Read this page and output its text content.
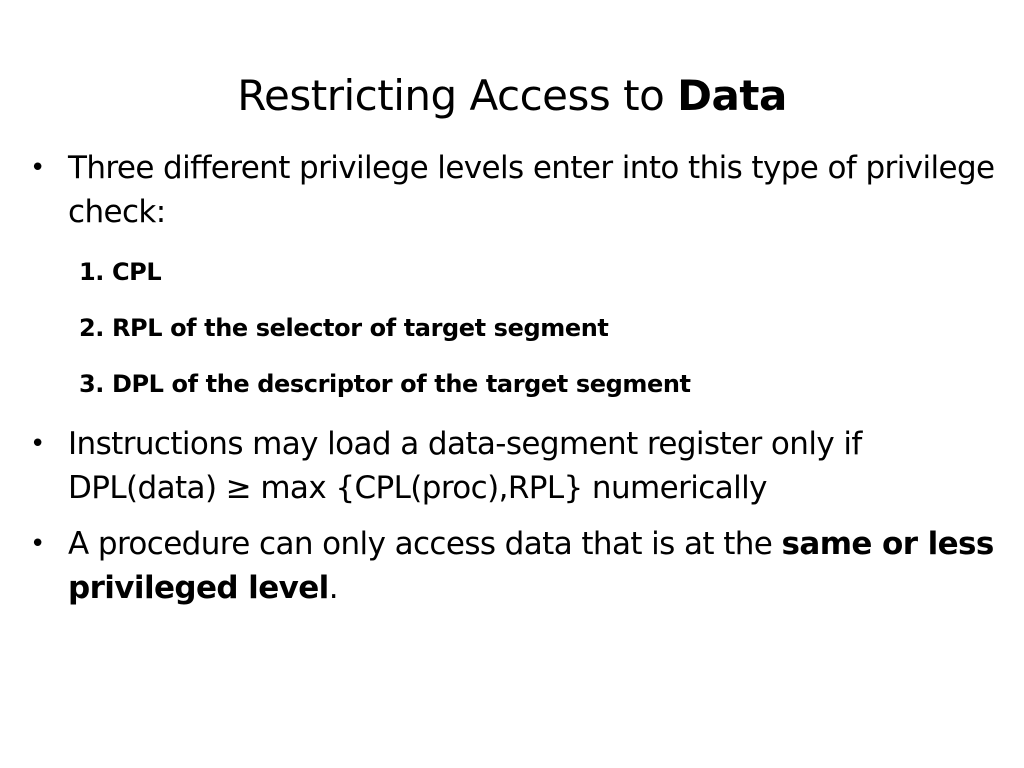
Restricting Access to Data
• Three different privilege levels enter into this type of privilege check:
1. CPL
2. RPL of the selector of target segment
3. DPL of the descriptor of the target segment
• Instructions may load a data-segment register only if DPL(data) ≥ max {CPL(proc),RPL} numerically
• A procedure can only access data that is at the same or less privileged level.
